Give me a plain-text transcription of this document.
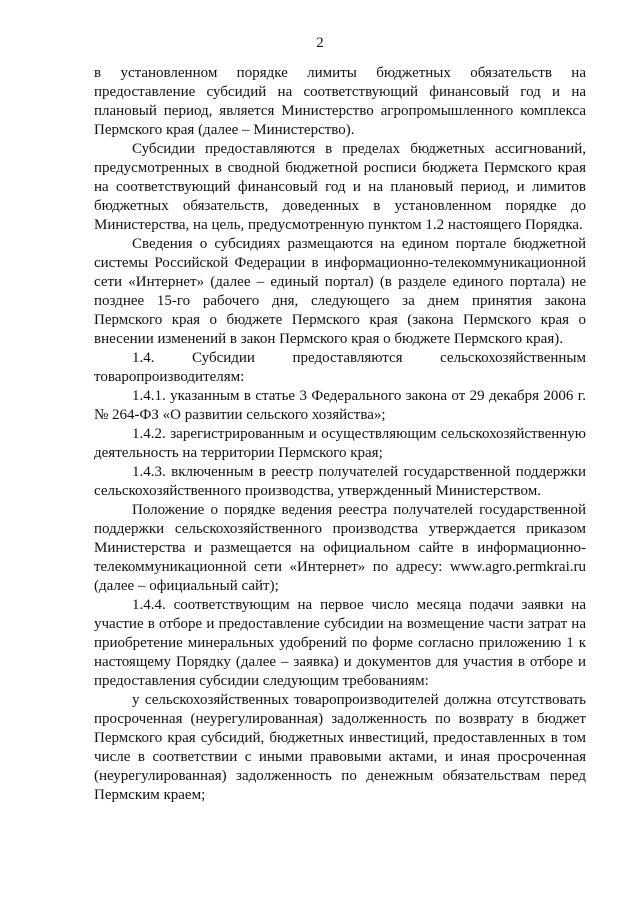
2

в установленном порядке лимиты бюджетных обязательств на предоставление субсидий на соответствующий финансовый год и на плановый период, является Министерство агропромышленного комплекса Пермского края (далее – Министерство).

Субсидии предоставляются в пределах бюджетных ассигнований, предусмотренных в сводной бюджетной росписи бюджета Пермского края на соответствующий финансовый год и на плановый период, и лимитов бюджетных обязательств, доведенных в установленном порядке до Министерства, на цель, предусмотренную пунктом 1.2 настоящего Порядка.

Сведения о субсидиях размещаются на едином портале бюджетной системы Российской Федерации в информационно-телекоммуникационной сети «Интернет» (далее – единый портал) (в разделе единого портала) не позднее 15-го рабочего дня, следующего за днем принятия закона Пермского края о бюджете Пермского края (закона Пермского края о внесении изменений в закон Пермского края о бюджете Пермского края).

1.4. Субсидии предоставляются сельскохозяйственным товаропроизводителям:

1.4.1. указанным в статье 3 Федерального закона от 29 декабря 2006 г. № 264-ФЗ «О развитии сельского хозяйства»;

1.4.2. зарегистрированным и осуществляющим сельскохозяйственную деятельность на территории Пермского края;

1.4.3. включенным в реестр получателей государственной поддержки сельскохозяйственного производства, утвержденный Министерством.

Положение о порядке ведения реестра получателей государственной поддержки сельскохозяйственного производства утверждается приказом Министерства и размещается на официальном сайте в информационно-телекоммуникационной сети «Интернет» по адресу: www.agro.permkrai.ru (далее – официальный сайт);

1.4.4. соответствующим на первое число месяца подачи заявки на участие в отборе и предоставление субсидии на возмещение части затрат на приобретение минеральных удобрений по форме согласно приложению 1 к настоящему Порядку (далее – заявка) и документов для участия в отборе и предоставления субсидии следующим требованиям:

у сельскохозяйственных товаропроизводителей должна отсутствовать просроченная (неурегулированная) задолженность по возврату в бюджет Пермского края субсидий, бюджетных инвестиций, предоставленных в том числе в соответствии с иными правовыми актами, и иная просроченная (неурегулированная) задолженность по денежным обязательствам перед Пермским краем;
